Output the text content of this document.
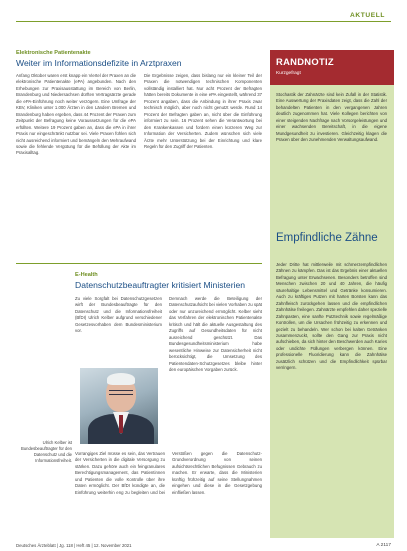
AKTUELL
Elektronische Patientenakte
Weiter im Informationsdefizite in Arztpraxen
Anfang Oktober waren erst knapp ein Viertel der Praxen an die elektronische Patientenakte (ePA) angebunden. Nach den Erhebungen zur Praxisausstattung im Bereich von Berlin, Brandenburg und Niedersachsen dürften Vertragsärzte gerade die ePA-Einführung noch weiter verzögern. Eine Umfrage der KBV, Kliniken unter 1.000 Ärzten in den Ländern Bremen und Brandenburg haben ergeben, dass 44 Prozent der Praxen zum Zeitpunkt der Befragung keine Voraussetzungen für die ePA erfüllten. Weitere 19 Prozent gaben an, dass die ePA in ihrer Praxis nur eingeschränkt nutzbar sei. Viele Praxen fühlen sich nicht ausreichend informiert und bemängeln den Mehraufwand sowie die fehlende Vergütung für die Befüllung der Akte im Praxisalltag.
Die Ergebnisse zeigen, dass bislang nur ein kleiner Teil der Praxen die notwendigen technischen Komponenten vollständig installiert hat. Nur acht Prozent der Befragten hätten bereits Dokumente in eine ePA eingestellt, während 37 Prozent angaben, dass die Anbindung in ihrer Praxis zwar technisch möglich, aber noch nicht genutzt werde. Rund 14 Prozent der Befragten gaben an, nicht über die Einführung informiert zu sein. 16 Prozent sehen die Verantwortung bei den Krankenkassen und fordern einen kürzeren Weg zur Information der Versicherten. Zudem wünschen sich viele Ärzte mehr Unterstützung bei der Einrichtung und klare Regeln für den Zugriff der Patienten.
E-Health
Datenschutzbeauftragter kritisiert Ministerien
Zu viele Sorgfalt bei Datenschutzgesetzen wirft der Bundesbeauftragte für den Datenschutz und die Informationsfreiheit (BfDI) Ulrich Kelber aufgrund verschiedener Gesetzesvorhaben dem Bundesministerium vor.
Demnach werde die Beteiligung der Datenschutzaufsicht bei vielen Vorhaben zu spät oder nur unzureichend ermöglicht. Kelber sieht das Verfahren der elektronischen Patientenakte kritisch und hält die aktuelle Ausgestaltung des Zugriffs auf Gesundheitsdaten für nicht ausreichend geschützt. Das Bundesgesundheitsministerium habe wesentliche Hinweise zur Datensicherheit nicht berücksichtigt, die Umsetzung des Patientendaten-Schutzgesetzes bleibe hinter den europäischen Vorgaben zurück.
Vorrangiges Ziel müsse es sein, das Vertrauen der Versicherten in die digitale Versorgung zu stärken. Dazu gehöre auch ein feingranulares Berechtigungsmanagement, das Patientinnen und Patienten die volle Kontrolle über ihre Daten ermöglicht. Der BfDI kündigte an, die Einführung weiterhin eng zu begleiten und bei Verstößen gegen die Datenschutz-Grundverordnung von seinen aufsichtsrechtlichen Befugnissen Gebrauch zu machen. Er erwarte, dass die Ministerien künftig frühzeitig auf seine Stellungnahmen eingehen und diese in die Gesetzgebung einfließen lassen.
Ulrich Kelber ist Bundesbeauftragter für den Datenschutz und die Informationsfreiheit.
RANDNOTIZ
Kurzgefragt
Stochastik der Zahnärzte sind kein Zufall in der Statistik. Eine Auswertung der Praxisdaten zeigt, dass die Zahl der behandelten Patienten in den vergangenen Jahren deutlich zugenommen hat. Viele Kollegen berichten von einer steigenden Nachfrage nach Vorsorgeleistungen und einer wachsenden Bereitschaft, in die eigene Mundgesundheit zu investieren. Gleichzeitig klagen die Praxen über den zunehmenden Verwaltungsaufwand.
Empfindliche Zähne
Jeder Dritte hat mittlerweile mit schmerzempfindlichen Zähnen zu kämpfen. Das ist das Ergebnis einer aktuellen Befragung unter Erwachsenen. Besonders betroffen sind Menschen zwischen 20 und 40 Jahren, die häufig säurehaltige Lebensmittel und Getränke konsumieren. Auch zu kräftiges Putzen mit harten Borsten kann das Zahnfleisch zurückgehen lassen und die empfindlichen Zahnhälse freilegen. Zahnärzte empfehlen daher spezielle Zahnpasten, eine sanfte Putztechnik sowie regelmäßige Kontrollen, um die Ursachen frühzeitig zu erkennen und gezielt zu behandeln. Wer schon bei kalten Getränken zusammenzuckt, sollte den Gang zur Praxis nicht aufschieben, da sich hinter den Beschwerden auch Karies oder undichte Füllungen verbergen können. Eine professionelle Fluoridierung kann die Zahnhälse zusätzlich schützen und die Empfindlichkeit spürbar verringern.
Deutsches Ärzteblatt | Jg. 118 | Heft 45 | 12. November 2021	A 2117
